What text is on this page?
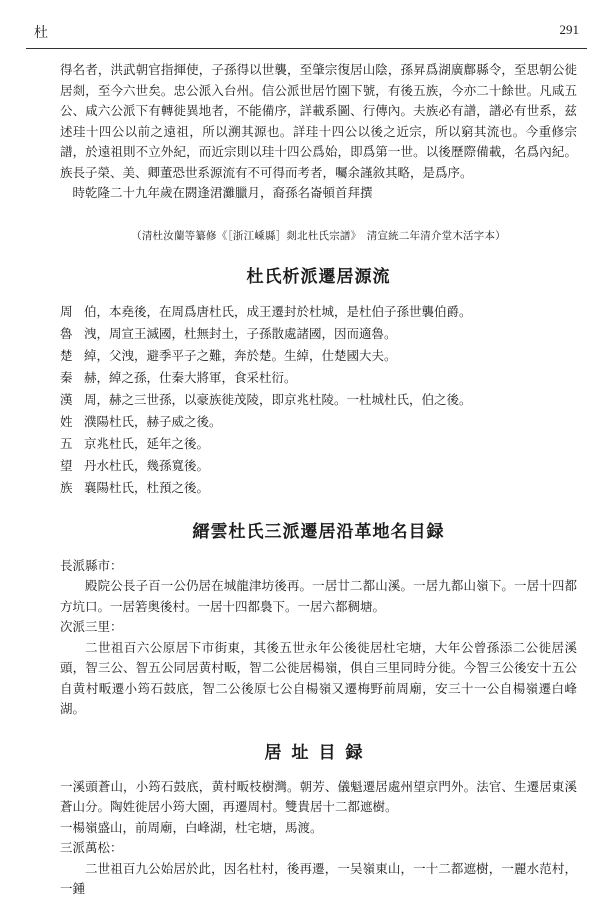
杜	291

得名者，洪武朝官指揮使，子孫得以世襲，至肇宗復居山陰，孫昇爲湖廣鄜縣令，至思朝公徙居剡，至今六世矣。忠公派入台州。信公派世居竹園下號，有後五族，今亦二十餘世。凡咸五公、咸六公派下有轉徙異地者，不能備序，詳載系圖、行傳內。夫族必有譜，譜必有世系，兹述珪十四公以前之遠祖，所以溯其源也。詳珪十四公以後之近宗，所以窮其流也。今重修宗譜，於遠祖則不立外紀，而近宗則以珪十四公爲始，即爲第一世。以後歷際備載，名爲內紀。族長子榮、美、卿董恐世系源流有不可得而考者，囑余謹敘其略，是爲序。

時乾隆二十九年歲在閼逢涒灘臘月，裔孫名崙頓首拜撰

（清杜汝蘭等纂修《［浙江嵊縣］剡北杜氏宗譜》　清宣統二年清介堂木活字本）

杜氏析派遷居源流
周 伯，本堯後，在周爲唐杜氏，成王遷封於杜城，是杜伯子孫世襲伯爵。
魯 洩，周宣王滅國，杜無封土，子孫散處諸國，因而適魯。
楚 綽，父洩，避季平子之難，奔於楚。生綽，仕楚國大夫。
秦 赫，綽之孫，仕秦大將軍，食采杜衍。
漢 周，赫之三世孫，以豪族徙茂陵，即京兆杜陵。一杜城杜氏，伯之後。
姓 濮陽杜氏，赫子威之後。
五 京兆杜氏，延年之後。
望 丹水杜氏，幾孫寬後。
族 襄陽杜氏，杜預之後。
縉雲杜氏三派遷居沿革地名目録

長派縣市：

殿院公長子百一公仍居在城龍津坊後再。一居廿二都山溪。一居九都山嶺下。一居十四都方坑口。一居箬奥後村。一居十四都裊下。一居六都稠塘。

次派三里：

二世祖百六公原居下市街東，其後五世永年公後徙居杜宅塘，大年公曾孫添二公徙居溪頭，智三公、智五公同居黄村畈，智二公徙居楊嶺，俱自三里同時分徙。今智三公後安十五公自黄村畈遷小筠石鼓底，智二公後原七公自楊嶺又遷梅野前周廟，安三十一公自楊嶺遷白峰湖。

居址目録

一溪頭蒼山，小筠石鼓底，黄村畈枝樹灣。朝芳、儀魁遷居處州望京門外。法官、生遷居東溪蒼山分。陶姓徙居小筠大園，再遷周村。雙貴居十二都遮樹。

一楊嶺盛山，前周廟，白峰湖，杜宅塘，馬渡。

三派萬松：

二世祖百九公始居於此，因名杜村，後再遷，一吴嶺東山，一十二都遮樹，一麗水范村，一鍾
